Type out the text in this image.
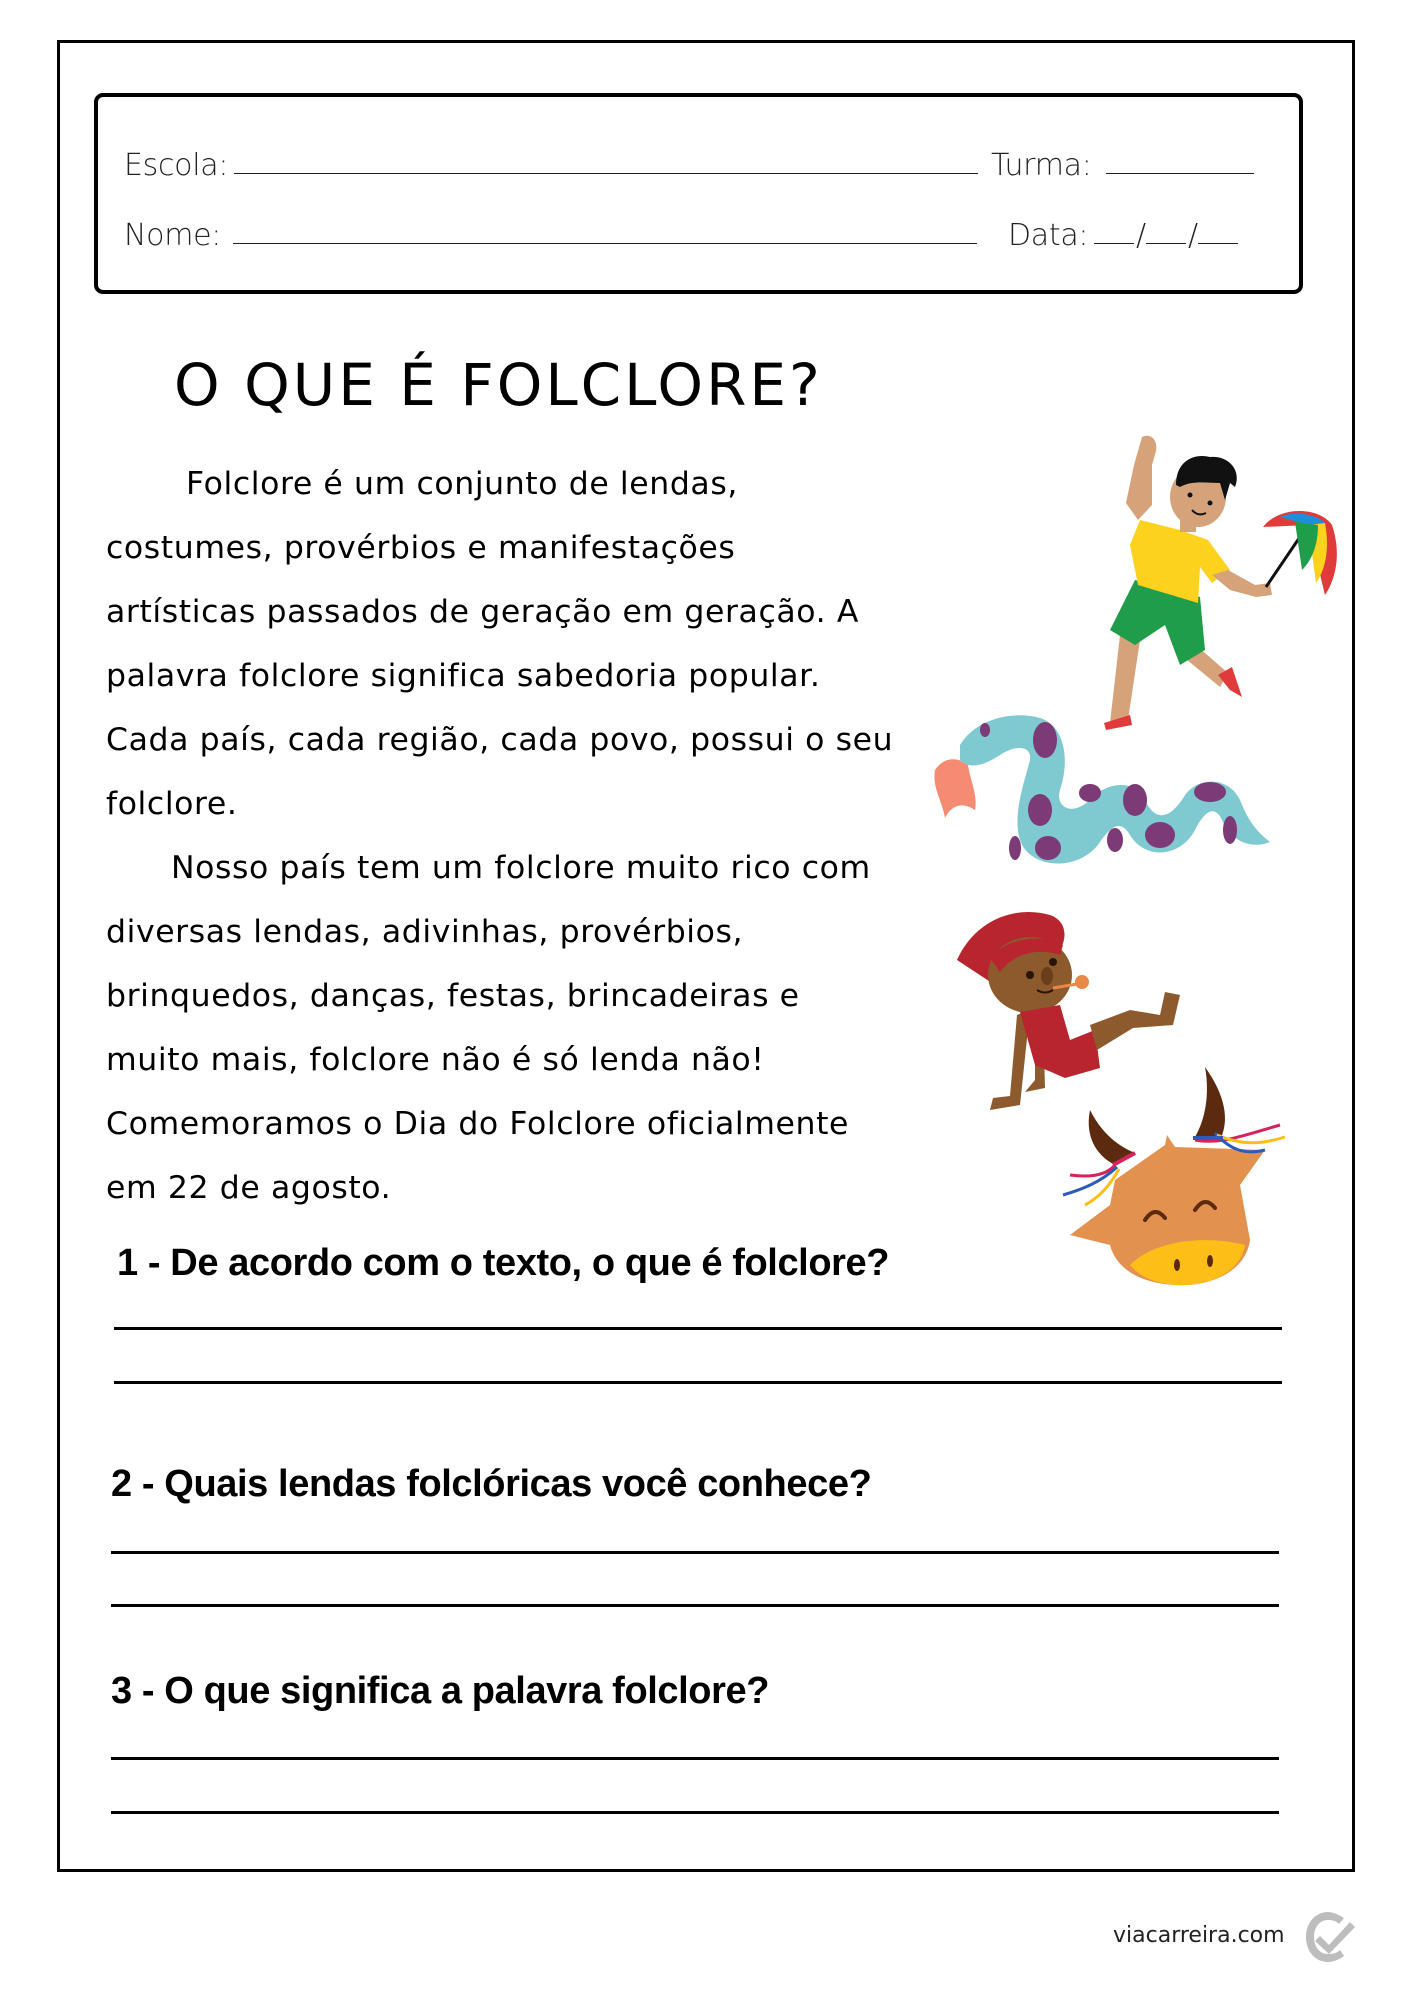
Escola:	Turma:
Nome:	Data: / /
O QUE É FOLCLORE?
Folclore é um conjunto de lendas,
costumes, provérbios e manifestações
artísticas passados de geração em geração. A
palavra folclore significa sabedoria popular.
Cada país, cada região, cada povo, possui o seu
folclore.
Nosso país tem um folclore muito rico com
diversas lendas, adivinhas, provérbios,
brinquedos, danças, festas, brincadeiras e
muito mais, folclore não é só lenda não!
Comemoramos o Dia do Folclore oficialmente
em 22 de agosto.
1 - De acordo com o texto, o que é folclore?
2 - Quais lendas folclóricas você conhece?
3 - O que significa a palavra folclore?
viacarreira.com
